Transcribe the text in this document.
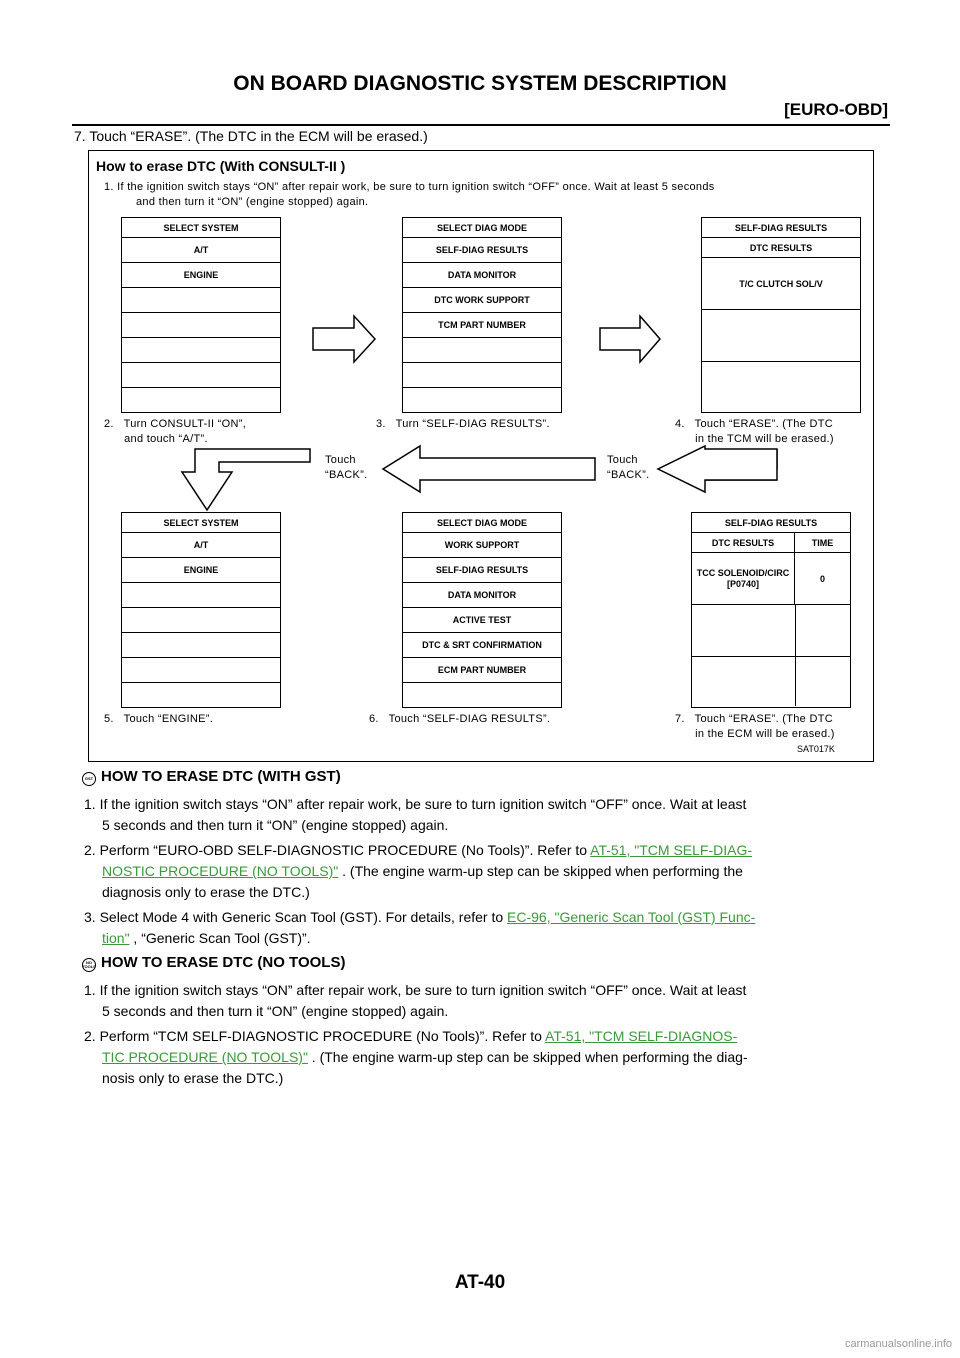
ON BOARD DIAGNOSTIC SYSTEM DESCRIPTION
[EURO-OBD]
7. Touch “ERASE”. (The DTC in the ECM will be erased.)
How to erase DTC (With CONSULT-II )
1. If the ignition switch stays “ON” after repair work, be sure to turn ignition switch “OFF” once. Wait at least 5 seconds
and then turn it “ON” (engine stopped) again.
SELECT SYSTEM
A/T
ENGINE
SELECT DIAG MODE
SELF-DIAG RESULTS
DATA MONITOR
DTC WORK SUPPORT
TCM PART NUMBER
SELF-DIAG RESULTS
DTC RESULTS
T/C CLUTCH SOL/V
2.   Turn CONSULT-II “ON”,
and touch “A/T”.
3.   Turn “SELF-DIAG RESULTS”.	4.   Touch “ERASE”. (The DTC
in the TCM will be erased.)
Touch
“BACK”.
Touch
“BACK”.
SELECT SYSTEM
A/T
ENGINE
SELECT DIAG MODE
WORK SUPPORT
SELF-DIAG RESULTS
DATA MONITOR
ACTIVE TEST
DTC & SRT CONFIRMATION
ECM PART NUMBER
SELF-DIAG RESULTS
DTC RESULTS	TIME
TCC SOLENOID/CIRC
[P0740]	0
5.   Touch “ENGINE”.	6.   Touch “SELF-DIAG RESULTS”.	7.   Touch “ERASE”. (The DTC
in the ECM will be erased.)
SAT017K
GST HOW TO ERASE DTC (WITH GST)
1. If the ignition switch stays “ON” after repair work, be sure to turn ignition switch “OFF” once. Wait at least
5 seconds and then turn it “ON” (engine stopped) again.
2. Perform “EURO-OBD SELF-DIAGNOSTIC PROCEDURE (No Tools)”. Refer to AT-51, "TCM SELF-DIAG-
NOSTIC PROCEDURE (NO TOOLS)" . (The engine warm-up step can be skipped when performing the
diagnosis only to erase the DTC.)
3. Select Mode 4 with Generic Scan Tool (GST). For details, refer to EC-96, "Generic Scan Tool (GST) Func-
tion" , “Generic Scan Tool (GST)”.
NO
TOOLS HOW TO ERASE DTC (NO TOOLS)
1. If the ignition switch stays “ON” after repair work, be sure to turn ignition switch “OFF” once. Wait at least
5 seconds and then turn it “ON” (engine stopped) again.
2. Perform “TCM SELF-DIAGNOSTIC PROCEDURE (No Tools)”. Refer to AT-51, "TCM SELF-DIAGNOS-
TIC PROCEDURE (NO TOOLS)" . (The engine warm-up step can be skipped when performing the diag-
nosis only to erase the DTC.)
AT-40
carmanualsonline.info
